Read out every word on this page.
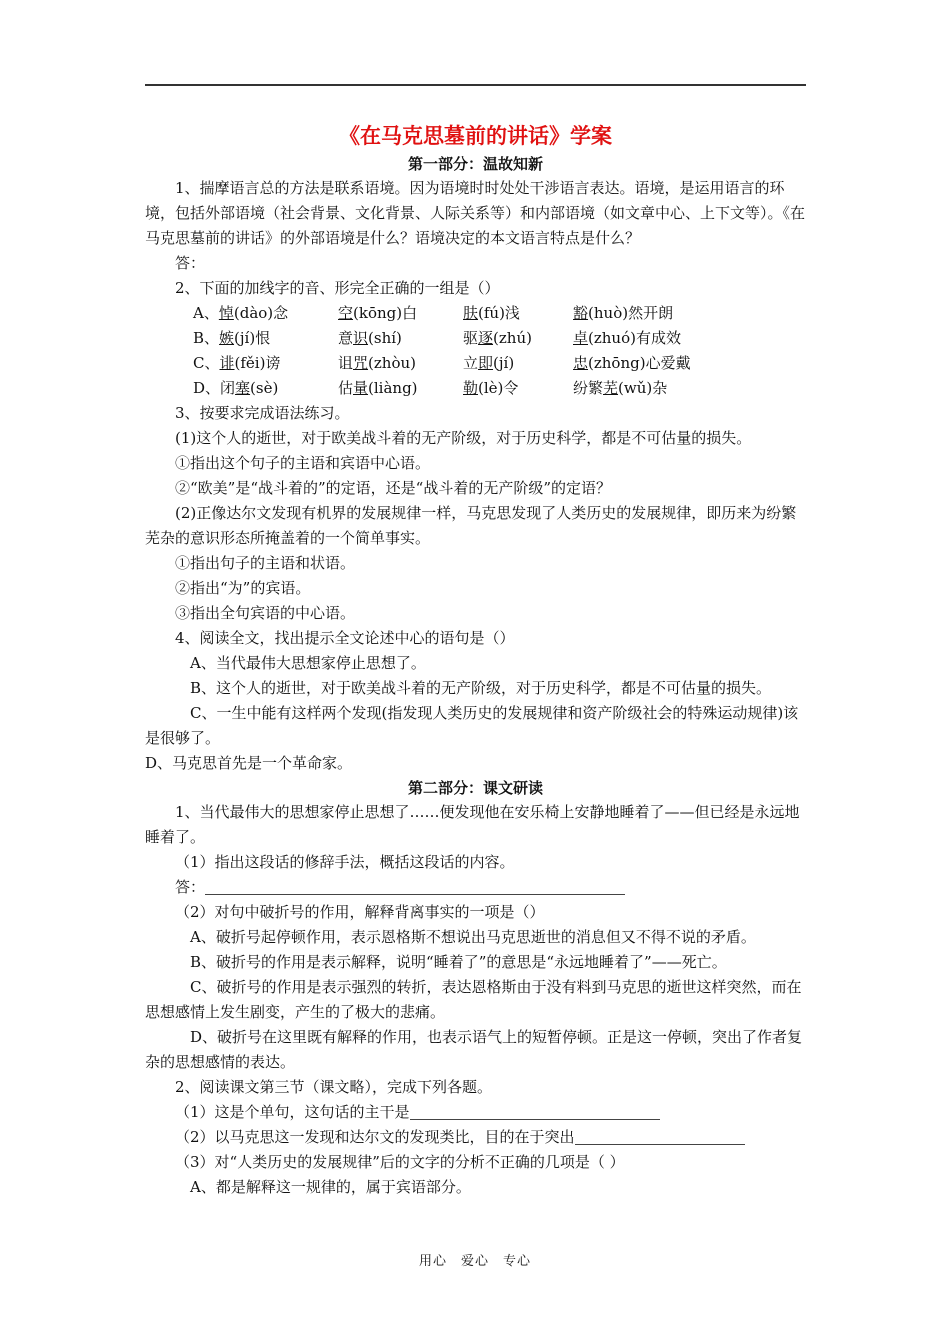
《在马克思墓前的讲话》学案
第一部分：温故知新

1、揣摩语言总的方法是联系语境。因为语境时时处处干涉语言表达。语境，是运用语言的环境，包括外部语境（社会背景、文化背景、人际关系等）和内部语境（如文章中心、上下文等）。《在马克思墓前的讲话》的外部语境是什么？语境决定的本文语言特点是什么？

答：

2、下面的加线字的音、形完全正确的一组是（）

A、悼(dào)念	空(kōng)白	肤(fú)浅	豁(huò)然开朗
B、嫉(jí)恨	意识(shí)	驱逐(zhú)	卓(zhuó)有成效
C、诽(fěi)谤	诅咒(zhòu)	立即(jí)	忠(zhōng)心爱戴
D、闭塞(sè)	估量(liàng)	勒(lè)令	纷繁芜(wǔ)杂

3、按要求完成语法练习。

(1)这个人的逝世，对于欧美战斗着的无产阶级，对于历史科学，都是不可估量的损失。

①指出这个句子的主语和宾语中心语。

②“欧美”是“战斗着的”的定语，还是“战斗着的无产阶级”的定语？

(2)正像达尔文发现有机界的发展规律一样，马克思发现了人类历史的发展规律，即历来为纷繁芜杂的意识形态所掩盖着的一个简单事实。

①指出句子的主语和状语。

②指出“为”的宾语。

③指出全句宾语的中心语。

4、阅读全文，找出提示全文论述中心的语句是（）

A、当代最伟大思想家停止思想了。

B、这个人的逝世，对于欧美战斗着的无产阶级，对于历史科学，都是不可估量的损失。

C、一生中能有这样两个发现(指发现人类历史的发展规律和资产阶级社会的特殊运动规律)该是很够了。

D、马克思首先是一个革命家。

第二部分：课文研读

1、当代最伟大的思想家停止思想了……便发现他在安乐椅上安静地睡着了——但已经是永远地睡着了。

（1）指出这段话的修辞手法，概括这段话的内容。

答：

（2）对句中破折号的作用，解释背离事实的一项是（）

A、破折号起停顿作用，表示恩格斯不想说出马克思逝世的消息但又不得不说的矛盾。

B、破折号的作用是表示解释，说明“睡着了”的意思是“永远地睡着了”——死亡。

C、破折号的作用是表示强烈的转折，表达恩格斯由于没有料到马克思的逝世这样突然，而在思想感情上发生剧变，产生的了极大的悲痛。

D、破折号在这里既有解释的作用，也表示语气上的短暂停顿。正是这一停顿，突出了作者复杂的思想感情的表达。

2、阅读课文第三节（课文略），完成下列各题。

（1）这是个单句，这句话的主干是

（2）以马克思这一发现和达尔文的发现类比，目的在于突出

（3）对“人类历史的发展规律”后的文字的分析不正确的几项是（ ）

A、都是解释这一规律的，属于宾语部分。

用心　爱心　专心
